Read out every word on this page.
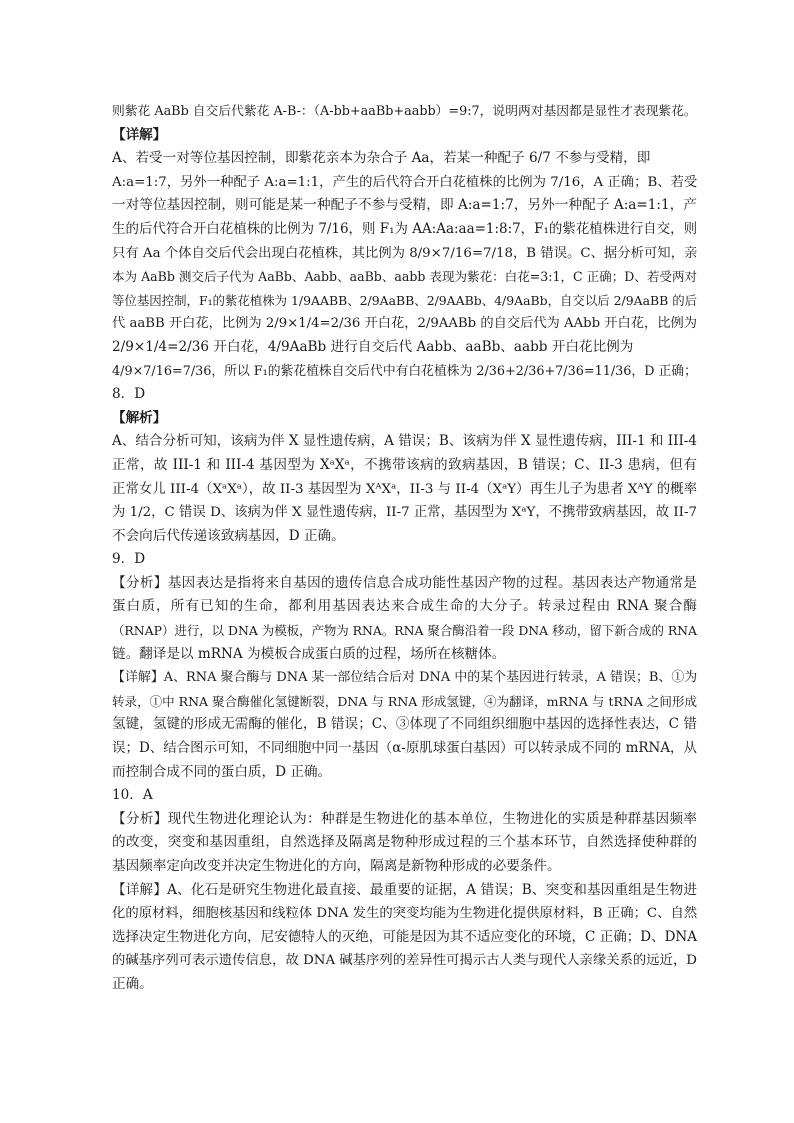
则紫花 AaBb 自交后代紫花 A-B-：（A-bb+aaBb+aabb）=9:7，说明两对基因都是显性才表现紫花。
【详解】
A、若受一对等位基因控制，即紫花亲本为杂合子 Aa，若某一种配子 6/7 不参与受精，即
A:a=1:7，另外一种配子 A:a=1:1，产生的后代符合开白花植株的比例为 7/16，A 正确；B、若受
一对等位基因控制，则可能是某一种配子不参与受精，即 A:a=1:7，另外一种配子 A:a=1:1，产
生的后代符合开白花植株的比例为 7/16，则 F₁为 AA:Aa:aa=1:8:7，F₁的紫花植株进行自交，则
只有 Aa 个体自交后代会出现白花植株，其比例为 8/9×7/16=7/18，B 错误。C、据分析可知，亲
本为 AaBb 测交后子代为 AaBb、Aabb、aaBb、aabb 表现为紫花：白花=3:1，C 正确；D、若受两对
等位基因控制，F₁的紫花植株为 1/9AABB、2/9AaBB、2/9AABb、4/9AaBb，自交以后 2/9AaBB 的后
代 aaBB 开白花，比例为 2/9×1/4=2/36 开白花，2/9AABb 的自交后代为 AAbb 开白花，比例为
2/9×1/4=2/36 开白花，4/9AaBb 进行自交后代 Aabb、aaBb、aabb 开白花比例为
4/9×7/16=7/36，所以 F₁的紫花植株自交后代中有白花植株为 2/36+2/36+7/36=11/36，D 正确；
8．D
【解析】
A、结合分析可知，该病为伴 X 显性遗传病，A 错误；B、该病为伴 X 显性遗传病，III-1 和 III-4
正常，故 III-1 和 III-4 基因型为 XᵃXᵃ，不携带该病的致病基因，B 错误；C、II-3 患病，但有
正常女儿 III-4（XᵃXᵃ），故 II-3 基因型为 XᴬXᵃ，II-3 与 II-4（XᵃY）再生儿子为患者 XᴬY 的概率
为 1/2，C 错误 D、该病为伴 X 显性遗传病，II-7 正常，基因型为 XᵃY，不携带致病基因，故 II-7
不会向后代传递该致病基因，D 正确。
9．D
【分析】基因表达是指将来自基因的遗传信息合成功能性基因产物的过程。基因表达产物通常是
蛋白质，所有已知的生命，都利用基因表达来合成生命的大分子。转录过程由 RNA 聚合酶
（RNAP）进行，以 DNA 为模板，产物为 RNA。RNA 聚合酶沿着一段 DNA 移动，留下新合成的 RNA
链。翻译是以 mRNA 为模板合成蛋白质的过程，场所在核糖体。
【详解】A、RNA 聚合酶与 DNA 某一部位结合后对 DNA 中的某个基因进行转录，A 错误；B、①为
转录，①中 RNA 聚合酶催化氢键断裂，DNA 与 RNA 形成氢键，④为翻译，mRNA 与 tRNA 之间形成
氢键，氢键的形成无需酶的催化，B 错误；C、③体现了不同组织细胞中基因的选择性表达，C 错
误；D、结合图示可知，不同细胞中同一基因（α-原肌球蛋白基因）可以转录成不同的 mRNA，从
而控制合成不同的蛋白质，D 正确。
10．A
【分析】现代生物进化理论认为：种群是生物进化的基本单位，生物进化的实质是种群基因频率
的改变，突变和基因重组，自然选择及隔离是物种形成过程的三个基本环节，自然选择使种群的
基因频率定向改变并决定生物进化的方向，隔离是新物种形成的必要条件。
【详解】A、化石是研究生物进化最直接、最重要的证据，A 错误；B、突变和基因重组是生物进
化的原材料，细胞核基因和线粒体 DNA 发生的突变均能为生物进化提供原材料，B 正确；C、自然
选择决定生物进化方向，尼安德特人的灭绝，可能是因为其不适应变化的环境，C 正确；D、DNA
的碱基序列可表示遗传信息，故 DNA 碱基序列的差异性可揭示古人类与现代人亲缘关系的远近，D
正确。
